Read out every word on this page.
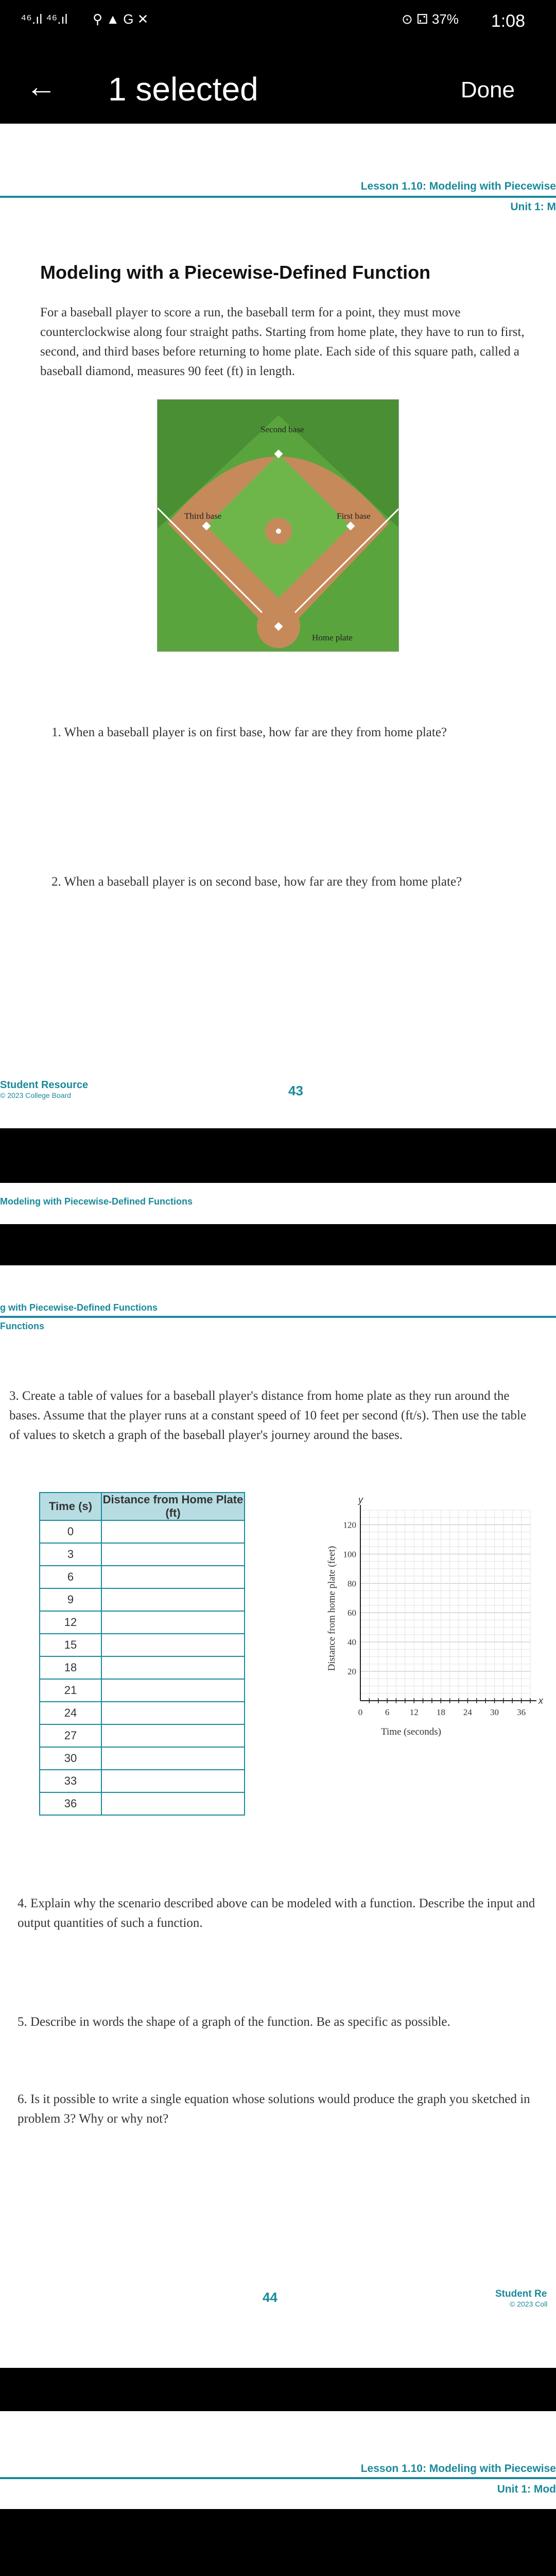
⁴⁶.ıl ⁴⁶.ıl ⚲ ▲ G ✕	⊙ ⚁ 37% 1:08
← 1 selected	Done
Lesson 1.10: Modeling with Piecewise
Unit 1: M
Modeling with a Piecewise-Defined Function
For a baseball player to score a run, the baseball term for a point, they must move counterclockwise along four straight paths. Starting from home plate, they have to run to first, second, and third bases before returning to home plate. Each side of this square path, called a baseball diamond, measures 90 feet (ft) in length.
Second base
Third base	First base
Home plate
1. When a baseball player is on first base, how far are they from home plate?
2. When a baseball player is on second base, how far are they from home plate?
Student Resource
© 2023 College Board	43
Modeling with Piecewise-Defined Functions
g with Piecewise-Defined Functions
Functions
3. Create a table of values for a baseball player's distance from home plate as they run around the bases. Assume that the player runs at a constant speed of 10 feet per second (ft/s). Then use the table of values to sketch a graph of the baseball player's journey around the bases.
Time (s)	Distance from Home Plate (ft)
0	
3	
6	
9	
12	
15	
18	
21	
24	
27	
30	
33	
36	
120
100
80
60
40
20
0	6 12 18 24 30 36
y
x
Distance from home plate (feet)
Time (seconds)
4. Explain why the scenario described above can be modeled with a function. Describe the input and output quantities of such a function.
5. Describe in words the shape of a graph of the function. Be as specific as possible.
6. Is it possible to write a single equation whose solutions would produce the graph you sketched in problem 3? Why or why not?
44	Student Re
© 2023 Coll
Lesson 1.10: Modeling with Piecewise
Unit 1: Mod
